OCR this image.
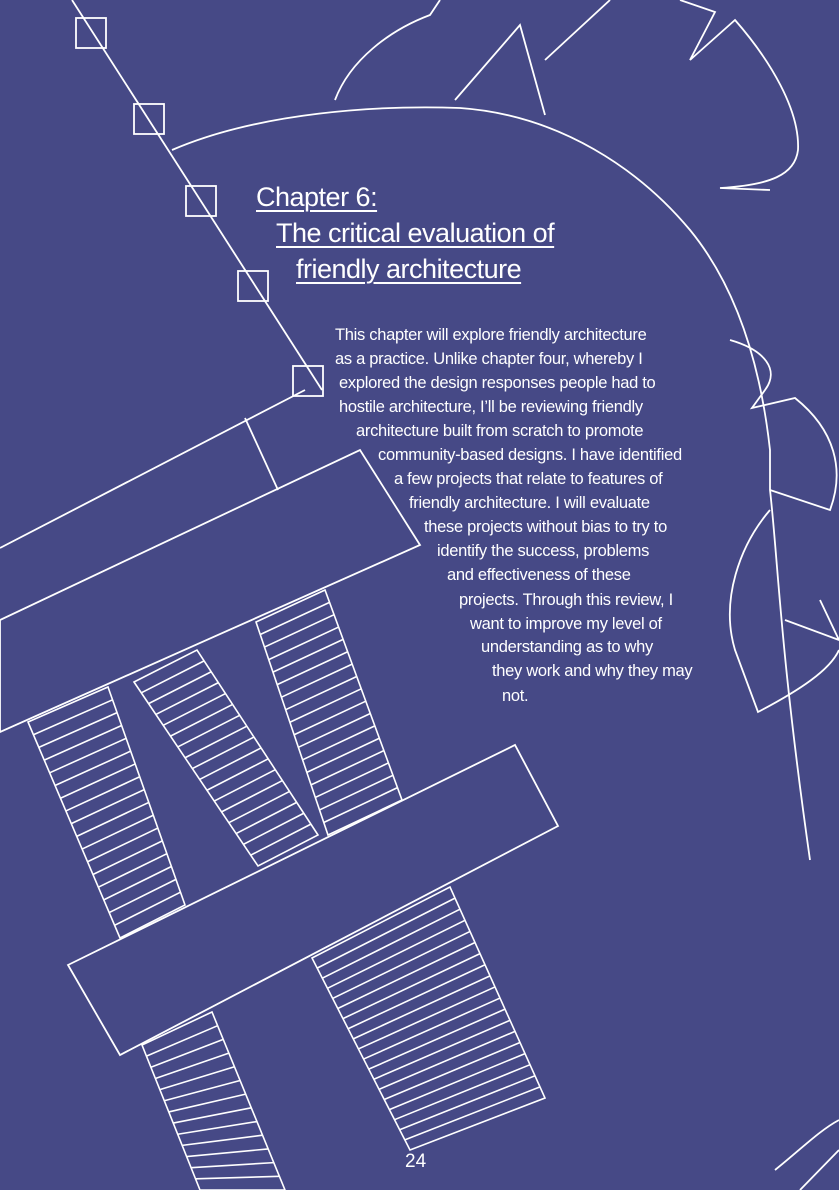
Chapter 6:
The critical evaluation of
friendly architecture
This chapter will explore friendly architecture
as a practice. Unlike chapter four, whereby I
explored the design responses people had to
hostile architecture, I’ll be reviewing friendly
architecture built from scratch to promote
community-based designs. I have identified
a few projects that relate to features of
friendly architecture. I will evaluate
these projects without bias to try to
identify the success, problems
and effectiveness of these
projects. Through this review, I
want to improve my level of
understanding as to why
they work and why they may
not.
24
